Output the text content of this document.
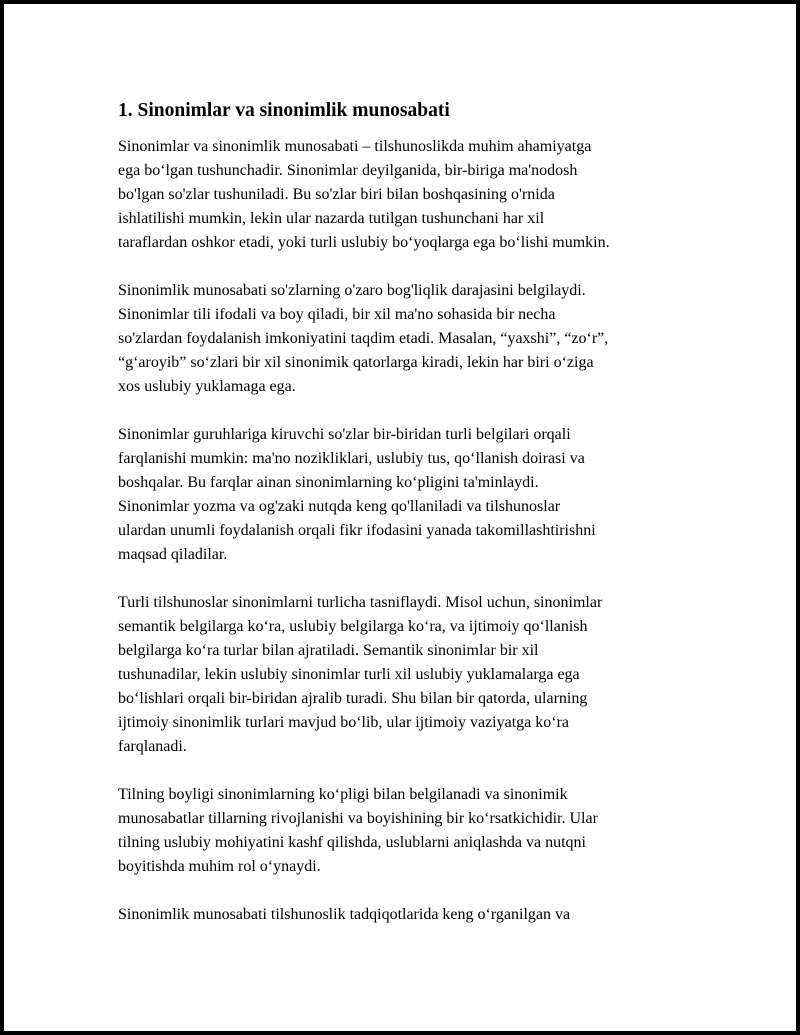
1. Sinonimlar va sinonimlik munosabati

Sinonimlar va sinonimlik munosabati – tilshunoslikda muhim ahamiyatga
ega bo‘lgan tushunchadir. Sinonimlar deyilganida, bir-biriga ma'nodosh
bo'lgan so'zlar tushuniladi. Bu so'zlar biri bilan boshqasining o'rnida
ishlatilishi mumkin, lekin ular nazarda tutilgan tushunchani har xil
taraflardan oshkor etadi, yoki turli uslubiy bo‘yoqlarga ega bo‘lishi mumkin.

Sinonimlik munosabati so'zlarning o'zaro bog'liqlik darajasini belgilaydi.
Sinonimlar tili ifodali va boy qiladi, bir xil ma'no sohasida bir necha
so'zlardan foydalanish imkoniyatini taqdim etadi. Masalan, “yaxshi”, “zo‘r”,
“g‘aroyib” so‘zlari bir xil sinonimik qatorlarga kiradi, lekin har biri o‘ziga
xos uslubiy yuklamaga ega.

Sinonimlar guruhlariga kiruvchi so'zlar bir-biridan turli belgilari orqali
farqlanishi mumkin: ma'no nozikliklari, uslubiy tus, qo‘llanish doirasi va
boshqalar. Bu farqlar ainan sinonimlarning ko‘pligini ta'minlaydi.
Sinonimlar yozma va og'zaki nutqda keng qo'llaniladi va tilshunoslar
ulardan unumli foydalanish orqali fikr ifodasini yanada takomillashtirishni
maqsad qiladilar.

Turli tilshunoslar sinonimlarni turlicha tasniflaydi. Misol uchun, sinonimlar
semantik belgilarga ko‘ra, uslubiy belgilarga ko‘ra, va ijtimoiy qo‘llanish
belgilarga ko‘ra turlar bilan ajratiladi. Semantik sinonimlar bir xil
tushunadilar, lekin uslubiy sinonimlar turli xil uslubiy yuklamalarga ega
bo‘lishlari orqali bir-biridan ajralib turadi. Shu bilan bir qatorda, ularning
ijtimoiy sinonimlik turlari mavjud bo‘lib, ular ijtimoiy vaziyatga ko‘ra
farqlanadi.

Tilning boyligi sinonimlarning ko‘pligi bilan belgilanadi va sinonimik
munosabatlar tillarning rivojlanishi va boyishining bir ko‘rsatkichidir. Ular
tilning uslubiy mohiyatini kashf qilishda, uslublarni aniqlashda va nutqni
boyitishda muhim rol o‘ynaydi.

Sinonimlik munosabati tilshunoslik tadqiqotlarida keng o‘rganilgan va
